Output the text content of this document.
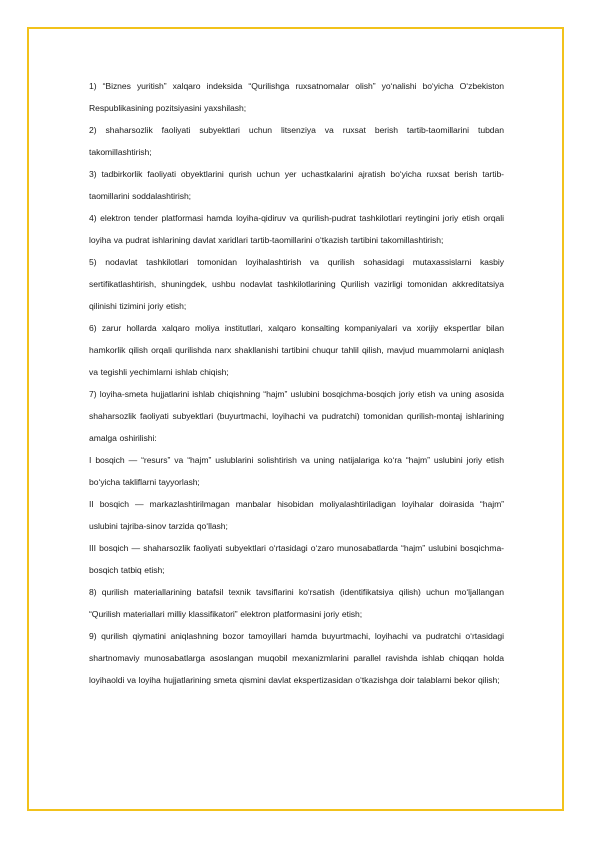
1) “Biznes yuritish” xalqaro indeksida “Qurilishga ruxsatnomalar olish” yo‘nalishi bo‘yicha O‘zbekiston Respublikasining pozitsiyasini yaxshilash;

2) shaharsozlik faoliyati subyektlari uchun litsenziya va ruxsat berish tartib-taomillarini tubdan takomillashtirish;

3) tadbirkorlik faoliyati obyektlarini qurish uchun yer uchastkalarini ajratish bo‘yicha ruxsat berish tartib-taomillarini soddalashtirish;

4) elektron tender platformasi hamda loyiha-qidiruv va qurilish-pudrat tashkilotlari reytingini joriy etish orqali loyiha va pudrat ishlarining davlat xaridlari tartib-taomillarini o‘tkazish tartibini takomillashtirish;

5) nodavlat tashkilotlari tomonidan loyihalashtirish va qurilish sohasidagi mutaxassislarni kasbiy sertifikatlashtirish, shuningdek, ushbu nodavlat tashkilotlarining Qurilish vazirligi tomonidan akkreditatsiya qilinishi tizimini joriy etish;

6) zarur hollarda xalqaro moliya institutlari, xalqaro konsalting kompaniyalari va xorijiy ekspertlar bilan hamkorlik qilish orqali qurilishda narx shakllanishi tartibini chuqur tahlil qilish, mavjud muammolarni aniqlash va tegishli yechimlarni ishlab chiqish;

7) loyiha-smeta hujjatlarini ishlab chiqishning “hajm” uslubini bosqichma-bosqich joriy etish va uning asosida shaharsozlik faoliyati subyektlari (buyurtmachi, loyihachi va pudratchi) tomonidan qurilish-montaj ishlarining amalga oshirilishi:

I bosqich — “resurs” va “hajm” uslublarini solishtirish va uning natijalariga ko‘ra “hajm” uslubini joriy etish bo‘yicha takliflarni tayyorlash;

II bosqich — markazlashtirilmagan manbalar hisobidan moliyalashtiriladigan loyihalar doirasida “hajm” uslubini tajriba-sinov tarzida qo‘llash;

III bosqich — shaharsozlik faoliyati subyektlari o‘rtasidagi o‘zaro munosabatlarda “hajm” uslubini bosqichma-bosqich tatbiq etish;

8) qurilish materiallarining batafsil texnik tavsiflarini ko‘rsatish (identifikatsiya qilish) uchun mo‘ljallangan “Qurilish materiallari milliy klassifikatori” elektron platformasini joriy etish;

9) qurilish qiymatini aniqlashning bozor tamoyillari hamda buyurtmachi, loyihachi va pudratchi o‘rtasidagi shartnomaviy munosabatlarga asoslangan muqobil mexanizmlarini parallel ravishda ishlab chiqqan holda loyihaoldi va loyiha hujjatlarining smeta qismini davlat ekspertizasidan o‘tkazishga doir talablarni bekor qilish;
